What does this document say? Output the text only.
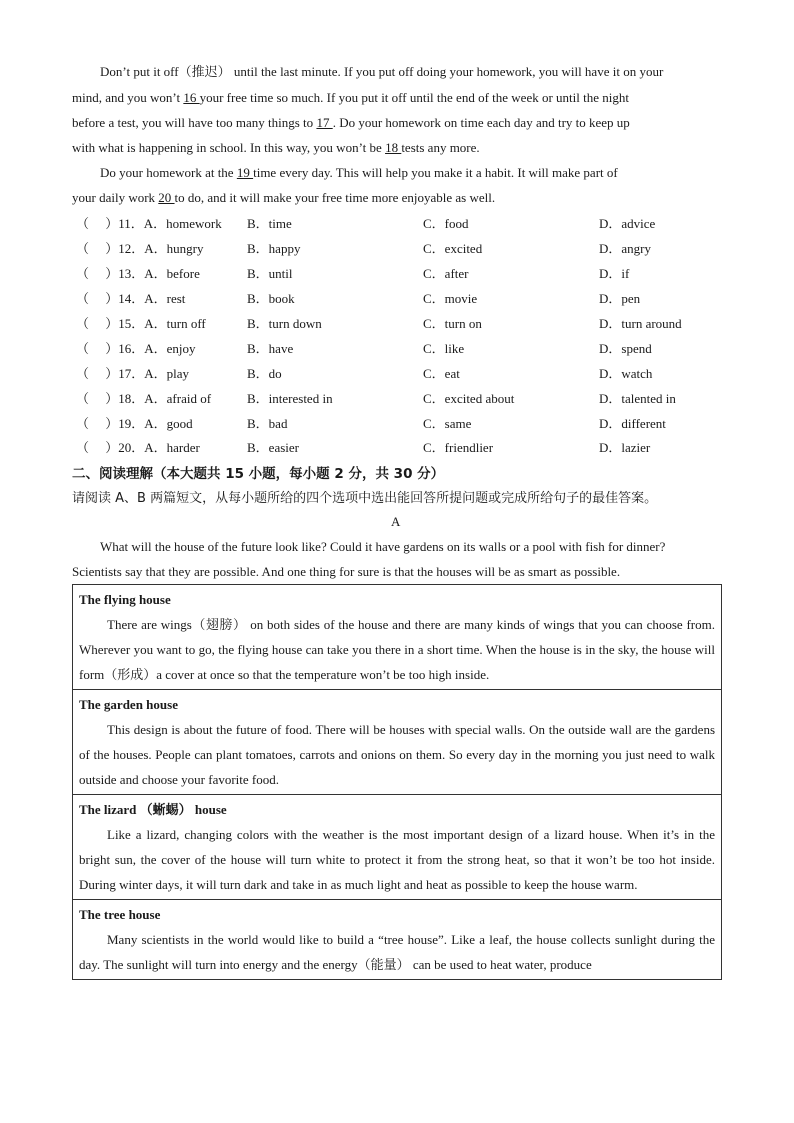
Don’t put it off（推迟） until the last minute. If you put off doing your homework, you will have it on your
mind, and you won’t 16 your free time so much. If you put it off until the end of the week or until the night
before a test, you will have too many things to 17 . Do your homework on time each day and try to keep up
with what is happening in school. In this way, you won’t be 18 tests any more.
Do your homework at the 19 time every day. This will help you make it a habit. It will make part of
your daily work 20 to do, and it will make your free time more enjoyable as well.
（　 ）11．A．homework B．time	C．food	D．advice
（　 ）12．A．hungry	B．happy	C．excited	D．angry
（　 ）13．A．before	B．until	C．after	D．if
（　 ）14．A．rest	B．book	C．movie	D．pen
（　 ）15．A．turn off	B．turn down	C．turn on	D．turn around
（　 ）16．A．enjoy	B．have	C．like	D．spend
（　 ）17．A．play	B．do	C．eat	D．watch
（　 ）18．A．afraid of	B．interested in	C．excited about	D．talented in
（　 ）19．A．good	B．bad	C．same	D．different
（　 ）20．A．harder	B．easier	C．friendlier	D．lazier
二、阅读理解（本大题共 15 小题，每小题 2 分，共 30 分）
请阅读 A、B 两篇短文，从每小题所给的四个选项中选出能回答所提问题或完成所给句子的最佳答案。
A
What will the house of the future look like? Could it have gardens on its walls or a pool with fish for dinner?
Scientists say that they are possible. And one thing for sure is that the houses will be as smart as possible.
The flying house
There are wings（翅膀） on both sides of the house and there are many kinds of wings that you can choose from. Wherever you want to go, the flying house can take you there in a short time. When the house is in the sky, the house will form（形成）a cover at once so that the temperature won’t be too high inside.

The garden house
This design is about the future of food. There will be houses with special walls. On the outside wall are the gardens of the houses. People can plant tomatoes, carrots and onions on them. So every day in the morning you just need to walk outside and choose your favorite food.

The lizard （蜥蜴） house
Like a lizard, changing colors with the weather is the most important design of a lizard house. When it’s in the bright sun, the cover of the house will turn white to protect it from the strong heat, so that it won’t be too hot inside. During winter days, it will turn dark and take in as much light and heat as possible to keep the house warm.

The tree house
Many scientists in the world would like to build a “tree house”. Like a leaf, the house collects sunlight during the day. The sunlight will turn into energy and the energy（能量） can be used to heat water, produce
